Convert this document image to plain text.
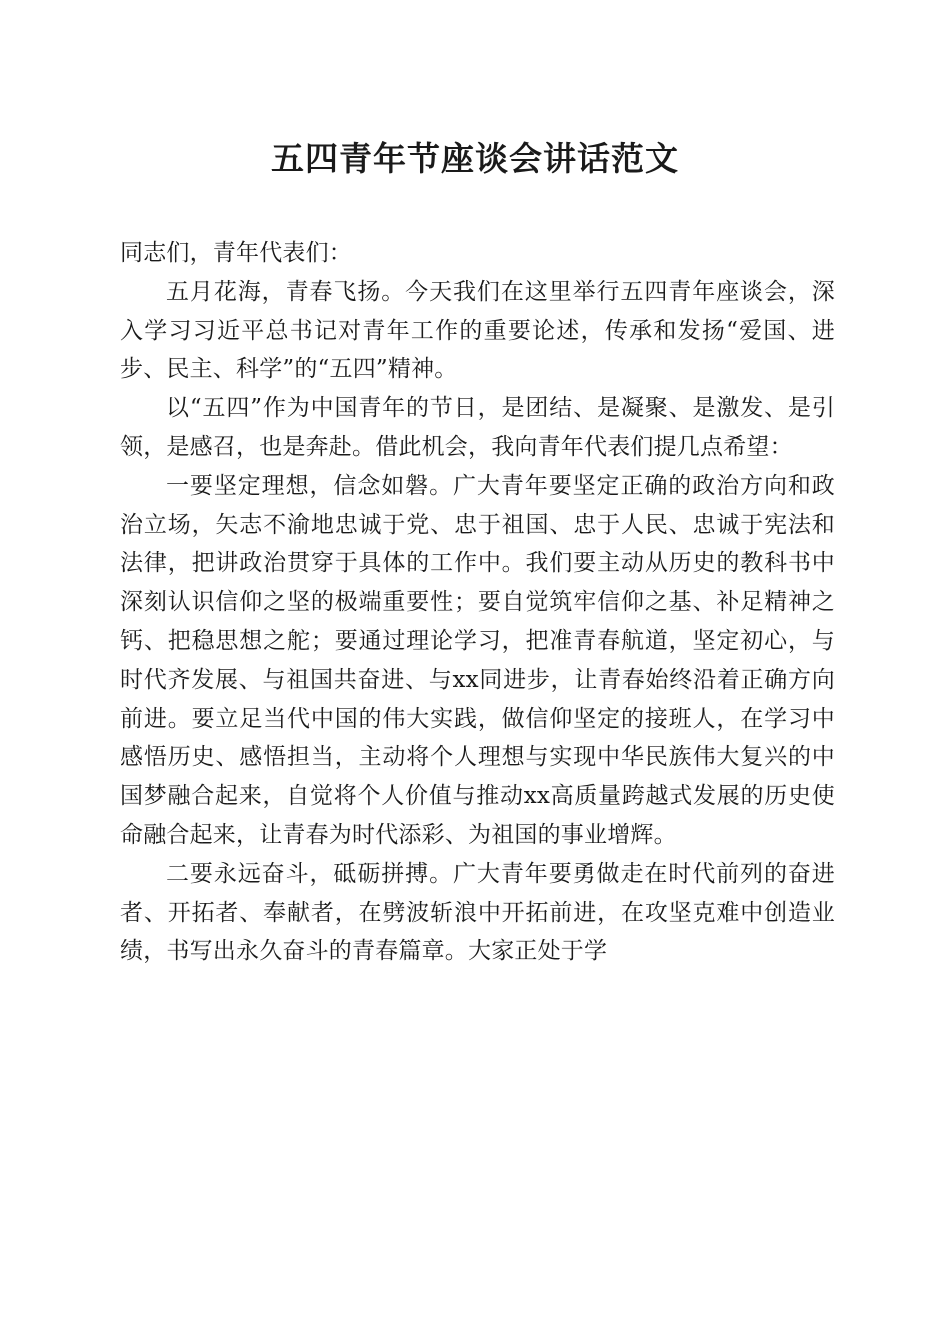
五四青年节座谈会讲话范文

同志们，青年代表们：

五月花海，青春飞扬。今天我们在这里举行五四青年座谈会，深入学习习近平总书记对青年工作的重要论述，传承和发扬“爱国、进步、民主、科学”的“五四”精神。

以“五四”作为中国青年的节日，是团结、是凝聚、是激发、是引领，是感召，也是奔赴。借此机会，我向青年代表们提几点希望：

一要坚定理想，信念如磐。广大青年要坚定正确的政治方向和政治立场，矢志不渝地忠诚于党、忠于祖国、忠于人民、忠诚于宪法和法律，把讲政治贯穿于具体的工作中。我们要主动从历史的教科书中深刻认识信仰之坚的极端重要性；要自觉筑牢信仰之基、补足精神之钙、把稳思想之舵；要通过理论学习，把准青春航道，坚定初心，与时代齐发展、与祖国共奋进、与xx同进步，让青春始终沿着正确方向前进。要立足当代中国的伟大实践，做信仰坚定的接班人，在学习中感悟历史、感悟担当，主动将个人理想与实现中华民族伟大复兴的中国梦融合起来，自觉将个人价值与推动xx高质量跨越式发展的历史使命融合起来，让青春为时代添彩、为祖国的事业增辉。

二要永远奋斗，砥砺拼搏。广大青年要勇做走在时代前列的奋进者、开拓者、奉献者，在劈波斩浪中开拓前进，在攻坚克难中创造业绩，书写出永久奋斗的青春篇章。大家正处于学
